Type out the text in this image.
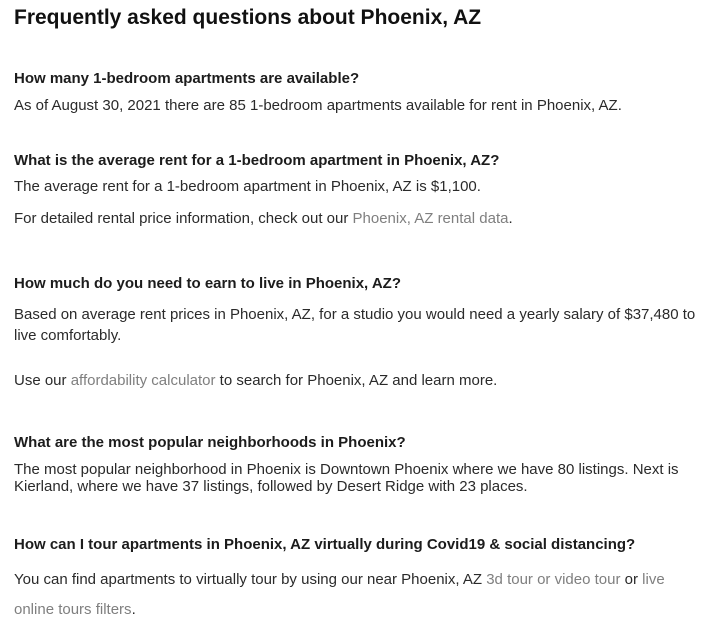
Frequently asked questions about Phoenix, AZ
How many 1-bedroom apartments are available?

As of August 30, 2021 there are 85 1-bedroom apartments available for rent in Phoenix, AZ.

What is the average rent for a 1-bedroom apartment in Phoenix, AZ?

The average rent for a 1-bedroom apartment in Phoenix, AZ is $1,100.

For detailed rental price information, check out our Phoenix, AZ rental data.

How much do you need to earn to live in Phoenix, AZ?

Based on average rent prices in Phoenix, AZ, for a studio you would need a yearly salary of $37,480 to live comfortably.

Use our affordability calculator to search for Phoenix, AZ and learn more.

What are the most popular neighborhoods in Phoenix?

The most popular neighborhood in Phoenix is Downtown Phoenix where we have 80 listings. Next is Kierland, where we have 37 listings, followed by Desert Ridge with 23 places.

How can I tour apartments in Phoenix, AZ virtually during Covid19 & social distancing?

You can find apartments to virtually tour by using our near Phoenix, AZ 3d tour or video tour or live online tours filters.
